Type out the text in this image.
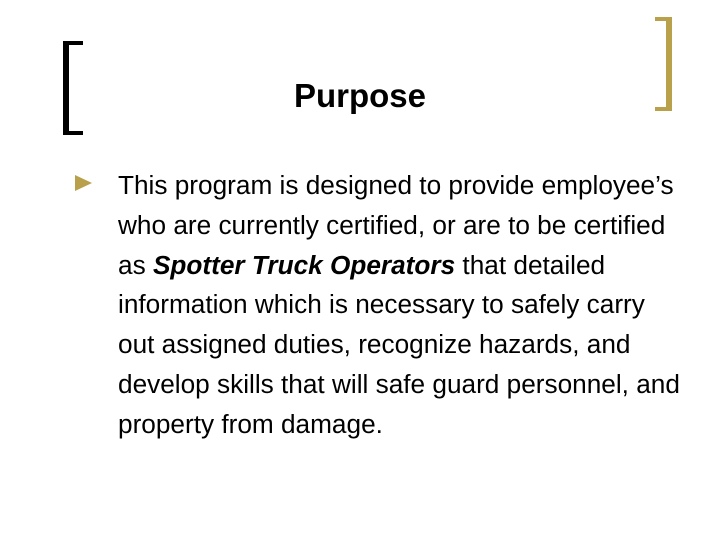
Purpose
This program is designed to provide employee’s who are currently certified, or are to be certified as Spotter Truck Operators that detailed information which is necessary to safely carry out assigned duties, recognize hazards, and develop skills that will safe guard personnel, and property from damage.
